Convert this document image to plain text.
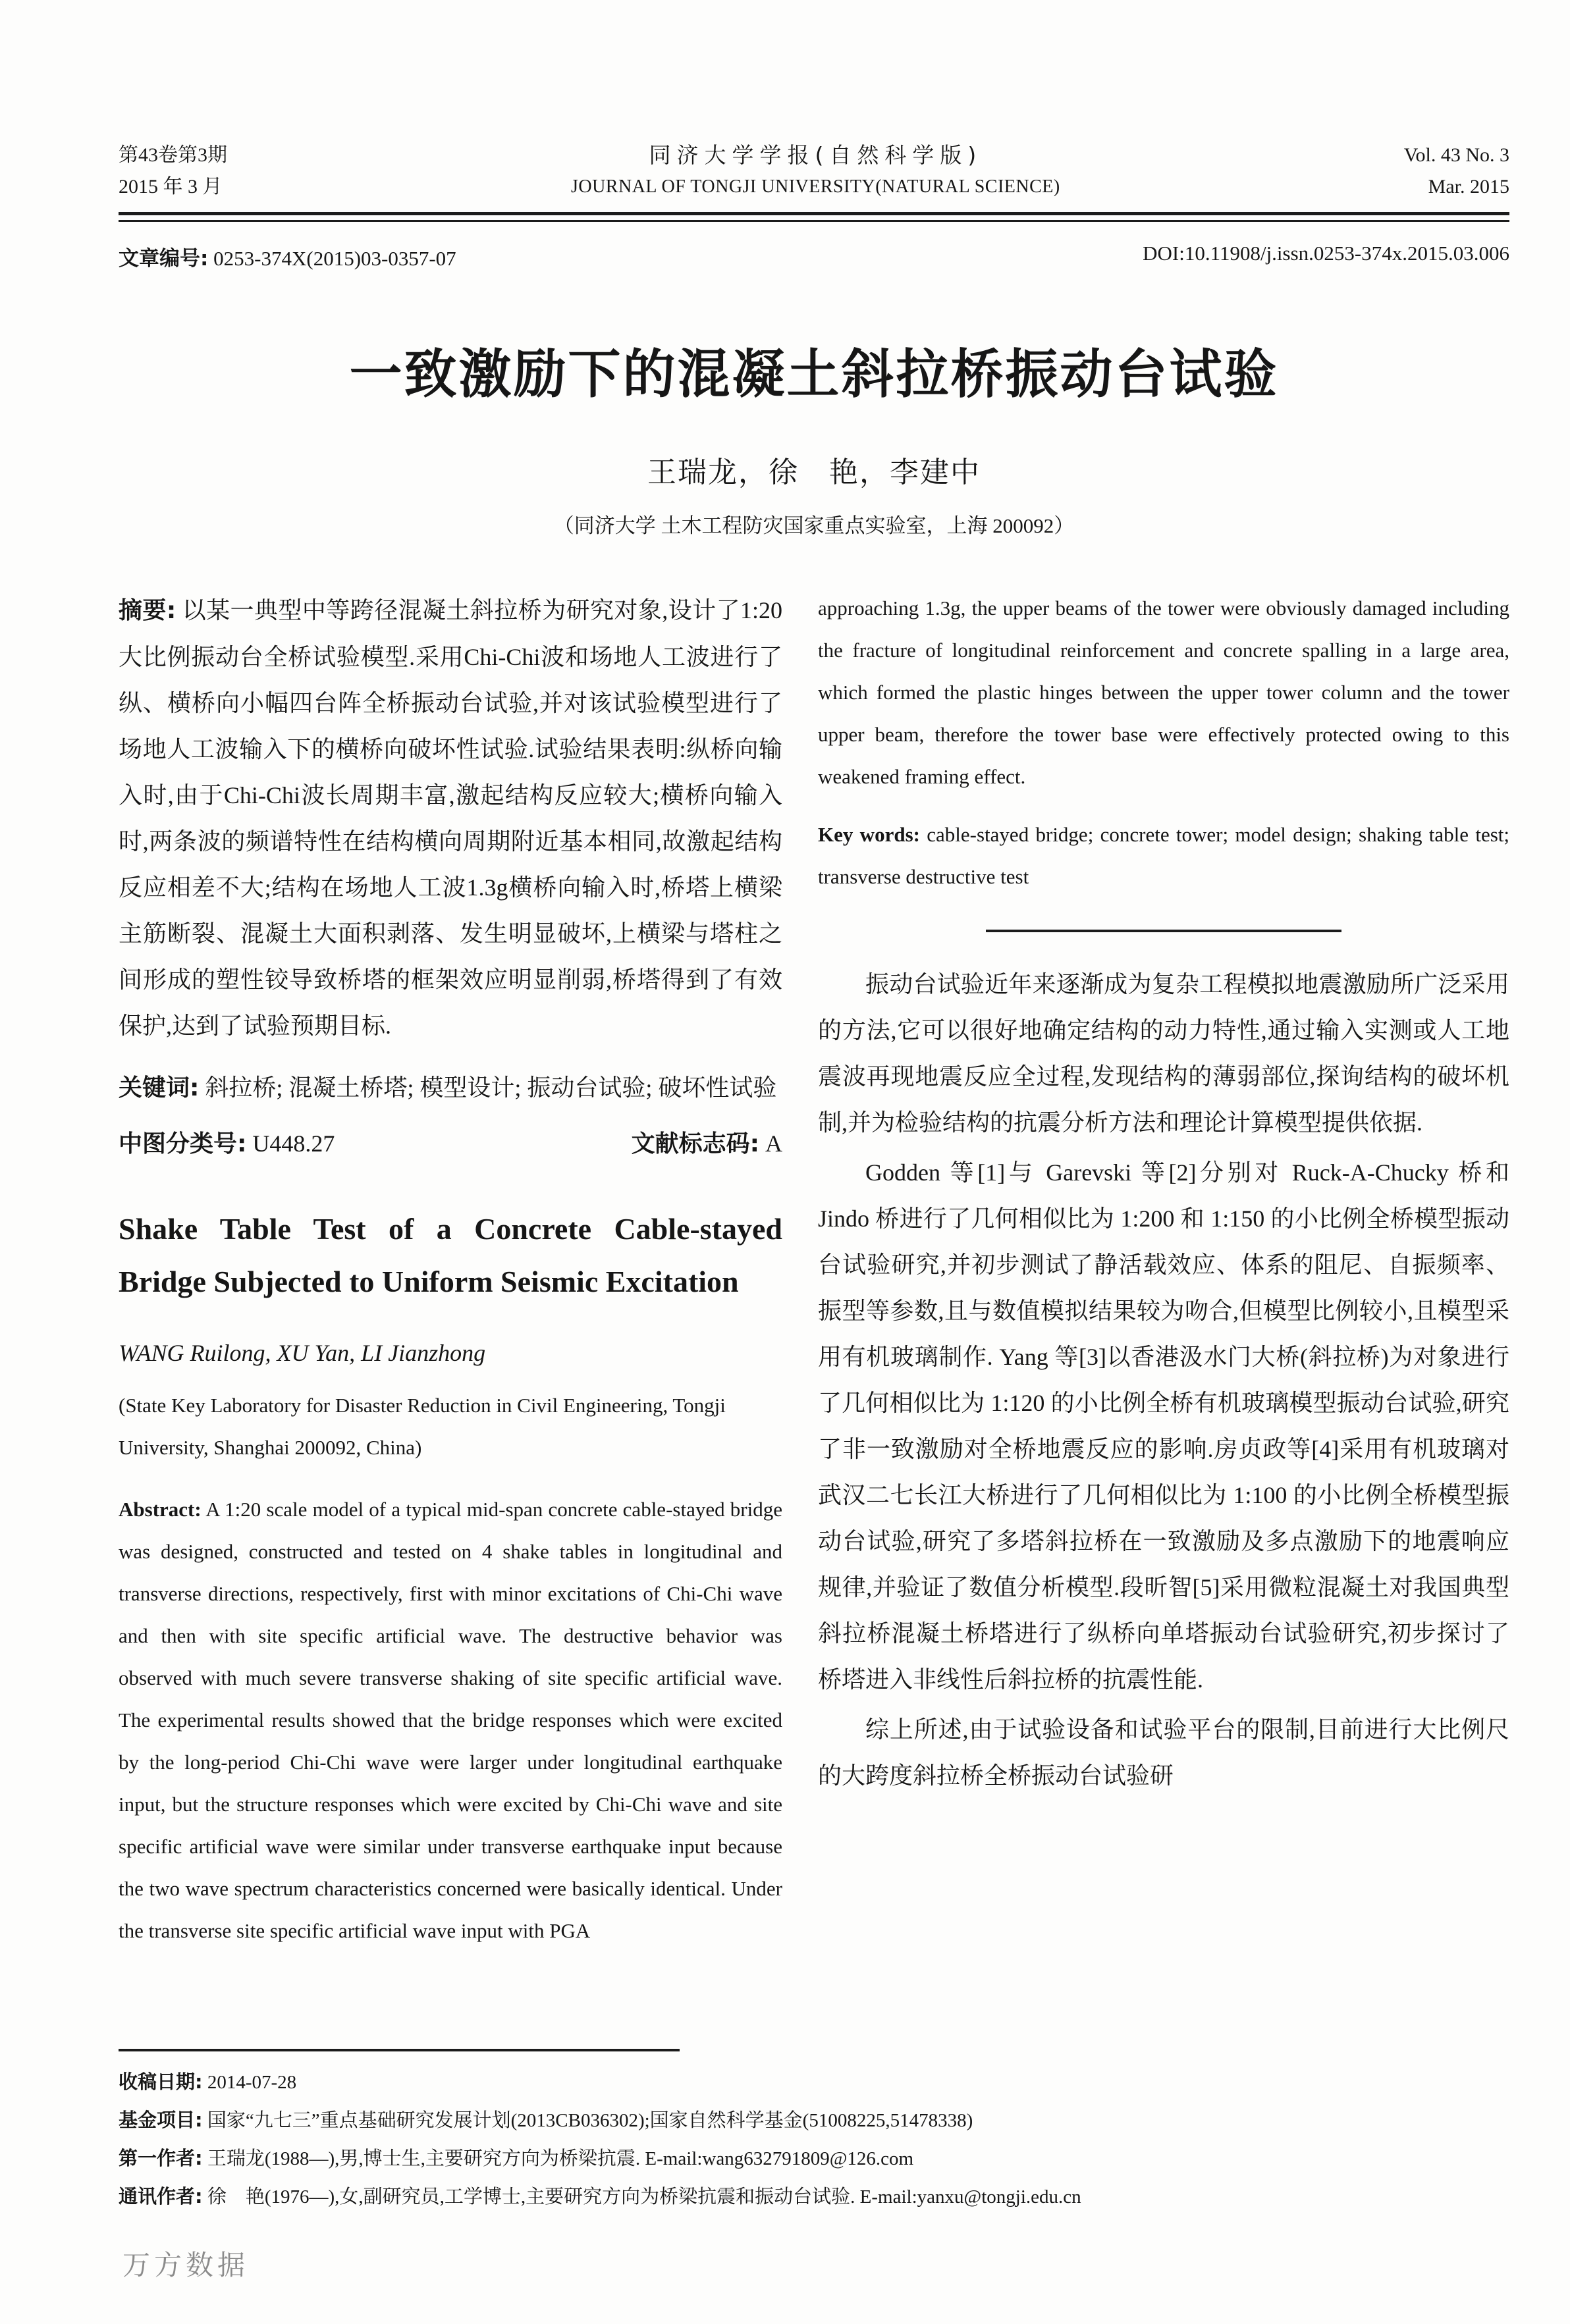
第43卷第3期
2015 年 3 月
同济大学学报(自然科学版)
JOURNAL OF TONGJI UNIVERSITY(NATURAL SCIENCE)
Vol. 43 No. 3
Mar. 2015
文章编号: 0253-374X(2015)03-0357-07	DOI:10.11908/j.issn.0253-374x.2015.03.006
一致激励下的混凝土斜拉桥振动台试验
王瑞龙，徐　艳，李建中
（同济大学 土木工程防灾国家重点实验室，上海 200092）
摘要: 以某一典型中等跨径混凝土斜拉桥为研究对象,设计了1:20大比例振动台全桥试验模型.采用Chi-Chi波和场地人工波进行了纵、横桥向小幅四台阵全桥振动台试验,并对该试验模型进行了场地人工波输入下的横桥向破坏性试验.试验结果表明:纵桥向输入时,由于Chi-Chi波长周期丰富,激起结构反应较大;横桥向输入时,两条波的频谱特性在结构横向周期附近基本相同,故激起结构反应相差不大;结构在场地人工波1.3g横桥向输入时,桥塔上横梁主筋断裂、混凝土大面积剥落、发生明显破坏,上横梁与塔柱之间形成的塑性铰导致桥塔的框架效应明显削弱,桥塔得到了有效保护,达到了试验预期目标.
关键词: 斜拉桥; 混凝土桥塔; 模型设计; 振动台试验; 破坏性试验
中图分类号: U448.27	文献标志码: A
Shake Table Test of a Concrete Cable-stayed Bridge Subjected to Uniform Seismic Excitation
WANG Ruilong, XU Yan, LI Jianzhong
(State Key Laboratory for Disaster Reduction in Civil Engineering, Tongji University, Shanghai 200092, China)
Abstract: A 1:20 scale model of a typical mid-span concrete cable-stayed bridge was designed, constructed and tested on 4 shake tables in longitudinal and transverse directions, respectively, first with minor excitations of Chi-Chi wave and then with site specific artificial wave. The destructive behavior was observed with much severe transverse shaking of site specific artificial wave. The experimental results showed that the bridge responses which were excited by the long-period Chi-Chi wave were larger under longitudinal earthquake input, but the structure responses which were excited by Chi-Chi wave and site specific artificial wave were similar under transverse earthquake input because the two wave spectrum characteristics concerned were basically identical. Under the transverse site specific artificial wave input with PGA
approaching 1.3g, the upper beams of the tower were obviously damaged including the fracture of longitudinal reinforcement and concrete spalling in a large area, which formed the plastic hinges between the upper tower column and the tower upper beam, therefore the tower base were effectively protected owing to this weakened framing effect.
Key words: cable-stayed bridge; concrete tower; model design; shaking table test; transverse destructive test
振动台试验近年来逐渐成为复杂工程模拟地震激励所广泛采用的方法,它可以很好地确定结构的动力特性,通过输入实测或人工地震波再现地震反应全过程,发现结构的薄弱部位,探询结构的破坏机制,并为检验结构的抗震分析方法和理论计算模型提供依据.
Godden 等[1]与 Garevski 等[2]分别对 Ruck-A-Chucky 桥和 Jindo 桥进行了几何相似比为 1:200 和 1:150 的小比例全桥模型振动台试验研究,并初步测试了静活载效应、体系的阻尼、自振频率、振型等参数,且与数值模拟结果较为吻合,但模型比例较小,且模型采用有机玻璃制作. Yang 等[3]以香港汲水门大桥(斜拉桥)为对象进行了几何相似比为 1:120 的小比例全桥有机玻璃模型振动台试验,研究了非一致激励对全桥地震反应的影响.房贞政等[4]采用有机玻璃对武汉二七长江大桥进行了几何相似比为 1:100 的小比例全桥模型振动台试验,研究了多塔斜拉桥在一致激励及多点激励下的地震响应规律,并验证了数值分析模型.段昕智[5]采用微粒混凝土对我国典型斜拉桥混凝土桥塔进行了纵桥向单塔振动台试验研究,初步探讨了桥塔进入非线性后斜拉桥的抗震性能.
综上所述,由于试验设备和试验平台的限制,目前进行大比例尺的大跨度斜拉桥全桥振动台试验研
收稿日期: 2014-07-28
基金项目: 国家“九七三”重点基础研究发展计划(2013CB036302);国家自然科学基金(51008225,51478338)
第一作者: 王瑞龙(1988—),男,博士生,主要研究方向为桥梁抗震. E-mail:wang632791809@126.com
通讯作者: 徐　艳(1976—),女,副研究员,工学博士,主要研究方向为桥梁抗震和振动台试验. E-mail:yanxu@tongji.edu.cn
万方数据
